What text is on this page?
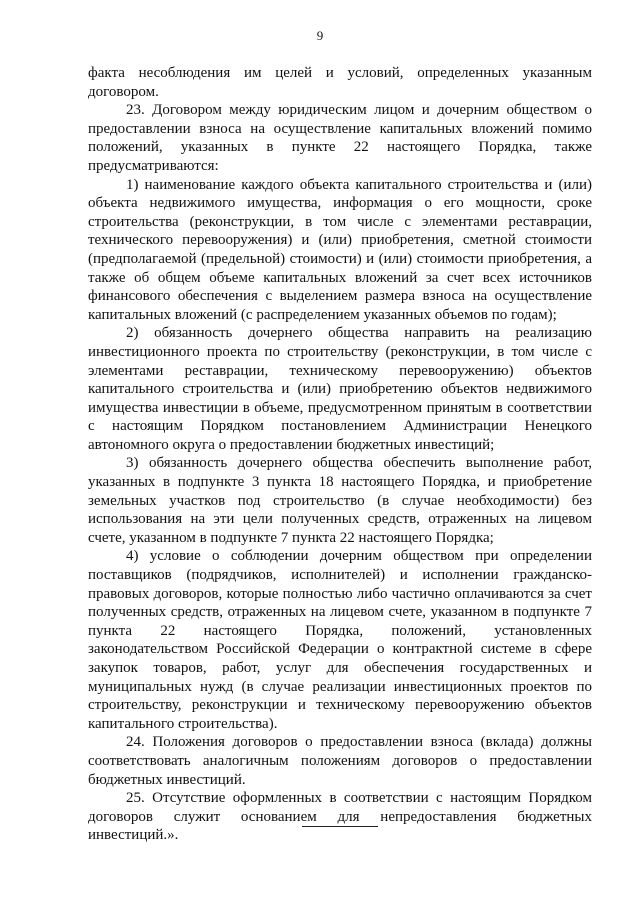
9

факта несоблюдения им целей и условий, определенных указанным договором.

23. Договором между юридическим лицом и дочерним обществом о предоставлении взноса на осуществление капитальных вложений помимо положений, указанных в пункте 22 настоящего Порядка, также предусматриваются:

1) наименование каждого объекта капитального строительства и (или) объекта недвижимого имущества, информация о его мощности, сроке строительства (реконструкции, в том числе с элементами реставрации, технического перевооружения) и (или) приобретения, сметной стоимости (предполагаемой (предельной) стоимости) и (или) стоимости приобретения, а также об общем объеме капитальных вложений за счет всех источников финансового обеспечения с выделением размера взноса на осуществление капитальных вложений (с распределением указанных объемов по годам);

2) обязанность дочернего общества направить на реализацию инвестиционного проекта по строительству (реконструкции, в том числе с элементами реставрации, техническому перевооружению) объектов капитального строительства и (или) приобретению объектов недвижимого имущества инвестиции в объеме, предусмотренном принятым в соответствии с настоящим Порядком постановлением Администрации Ненецкого автономного округа о предоставлении бюджетных инвестиций;

3) обязанность дочернего общества обеспечить выполнение работ, указанных в подпункте 3 пункта 18 настоящего Порядка, и приобретение земельных участков под строительство (в случае необходимости) без использования на эти цели полученных средств, отраженных на лицевом счете, указанном в подпункте 7 пункта 22 настоящего Порядка;

4) условие о соблюдении дочерним обществом при определении поставщиков (подрядчиков, исполнителей) и исполнении гражданско-правовых договоров, которые полностью либо частично оплачиваются за счет полученных средств, отраженных на лицевом счете, указанном в подпункте 7 пункта 22 настоящего Порядка, положений, установленных законодательством Российской Федерации о контрактной системе в сфере закупок товаров, работ, услуг для обеспечения государственных и муниципальных нужд (в случае реализации инвестиционных проектов по строительству, реконструкции и техническому перевооружению объектов капитального строительства).

24. Положения договоров о предоставлении взноса (вклада) должны соответствовать аналогичным положениям договоров о предоставлении бюджетных инвестиций.

25. Отсутствие оформленных в соответствии с настоящим Порядком договоров служит основанием для непредоставления бюджетных инвестиций.».
